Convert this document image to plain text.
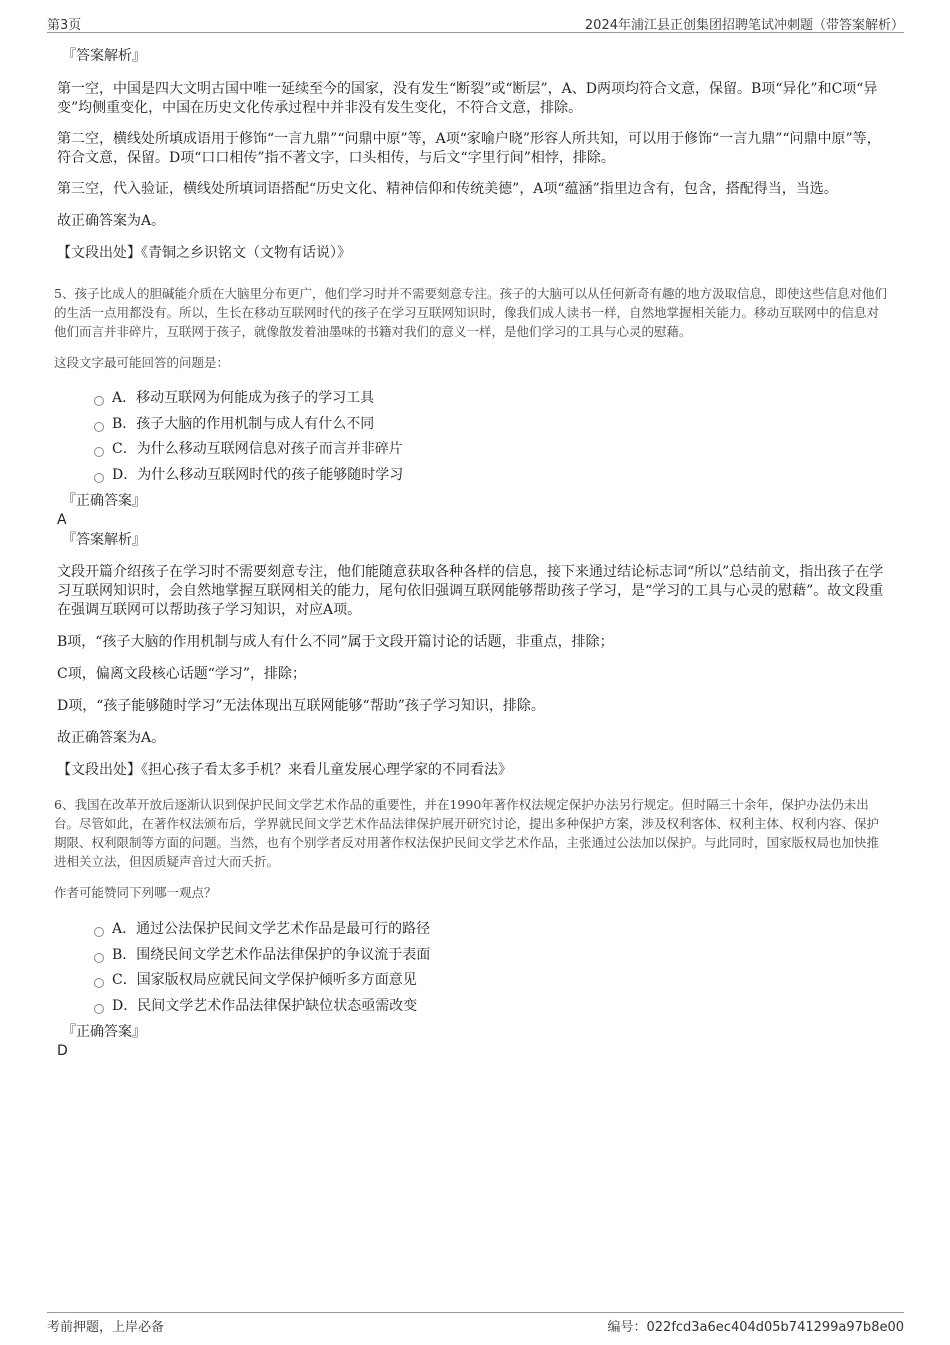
第3页	2024年浦江县正创集团招聘笔试冲刺题（带答案解析）

『答案解析』

第一空，中国是四大文明古国中唯一延续至今的国家，没有发生“断裂”或“断层”，A、D两项均符合文意，保留。B项“异化”和C项“异变”均侧重变化，中国在历史文化传承过程中并非没有发生变化，不符合文意，排除。

第二空，横线处所填成语用于修饰“一言九鼎”“问鼎中原”等，A项“家喻户晓”形容人所共知，可以用于修饰“一言九鼎”“问鼎中原”等，符合文意，保留。D项“口口相传”指不著文字，口头相传，与后文“字里行间”相悖，排除。

第三空，代入验证，横线处所填词语搭配“历史文化、精神信仰和传统美德”，A项“蕴涵”指里边含有，包含，搭配得当，当选。

故正确答案为A。

【文段出处】《青铜之乡识铭文（文物有话说）》

5、孩子比成人的胆碱能介质在大脑里分布更广，他们学习时并不需要刻意专注。孩子的大脑可以从任何新奇有趣的地方汲取信息，即使这些信息对他们的生活一点用都没有。所以，生长在移动互联网时代的孩子在学习互联网知识时，像我们成人读书一样，自然地掌握相关能力。移动互联网中的信息对他们而言并非碎片，互联网于孩子，就像散发着油墨味的书籍对我们的意义一样，是他们学习的工具与心灵的慰藉。

这段文字最可能回答的问题是：

A．移动互联网为何能成为孩子的学习工具
B．孩子大脑的作用机制与成人有什么不同
C．为什么移动互联网信息对孩子而言并非碎片
D．为什么移动互联网时代的孩子能够随时学习

『正确答案』

A

『答案解析』

文段开篇介绍孩子在学习时不需要刻意专注，他们能随意获取各种各样的信息，接下来通过结论标志词“所以”总结前文，指出孩子在学习互联网知识时，会自然地掌握互联网相关的能力，尾句依旧强调互联网能够帮助孩子学习，是“学习的工具与心灵的慰藉”。故文段重在强调互联网可以帮助孩子学习知识，对应A项。

B项，“孩子大脑的作用机制与成人有什么不同”属于文段开篇讨论的话题，非重点，排除；

C项，偏离文段核心话题“学习”，排除；

D项，“孩子能够随时学习”无法体现出互联网能够“帮助”孩子学习知识，排除。

故正确答案为A。

【文段出处】《担心孩子看太多手机？来看儿童发展心理学家的不同看法》

6、我国在改革开放后逐渐认识到保护民间文学艺术作品的重要性，并在1990年著作权法规定保护办法另行规定。但时隔三十余年，保护办法仍未出台。尽管如此，在著作权法颁布后，学界就民间文学艺术作品法律保护展开研究讨论，提出多种保护方案，涉及权利客体、权利主体、权利内容、保护期限、权利限制等方面的问题。当然，也有个别学者反对用著作权法保护民间文学艺术作品，主张通过公法加以保护。与此同时，国家版权局也加快推进相关立法，但因质疑声音过大而夭折。

作者可能赞同下列哪一观点？

A．通过公法保护民间文学艺术作品是最可行的路径
B．围绕民间文学艺术作品法律保护的争议流于表面
C．国家版权局应就民间文学保护倾听多方面意见
D．民间文学艺术作品法律保护缺位状态亟需改变

『正确答案』

D

考前押题，上岸必备	编号：022fcd3a6ec404d05b741299a97b8e00
